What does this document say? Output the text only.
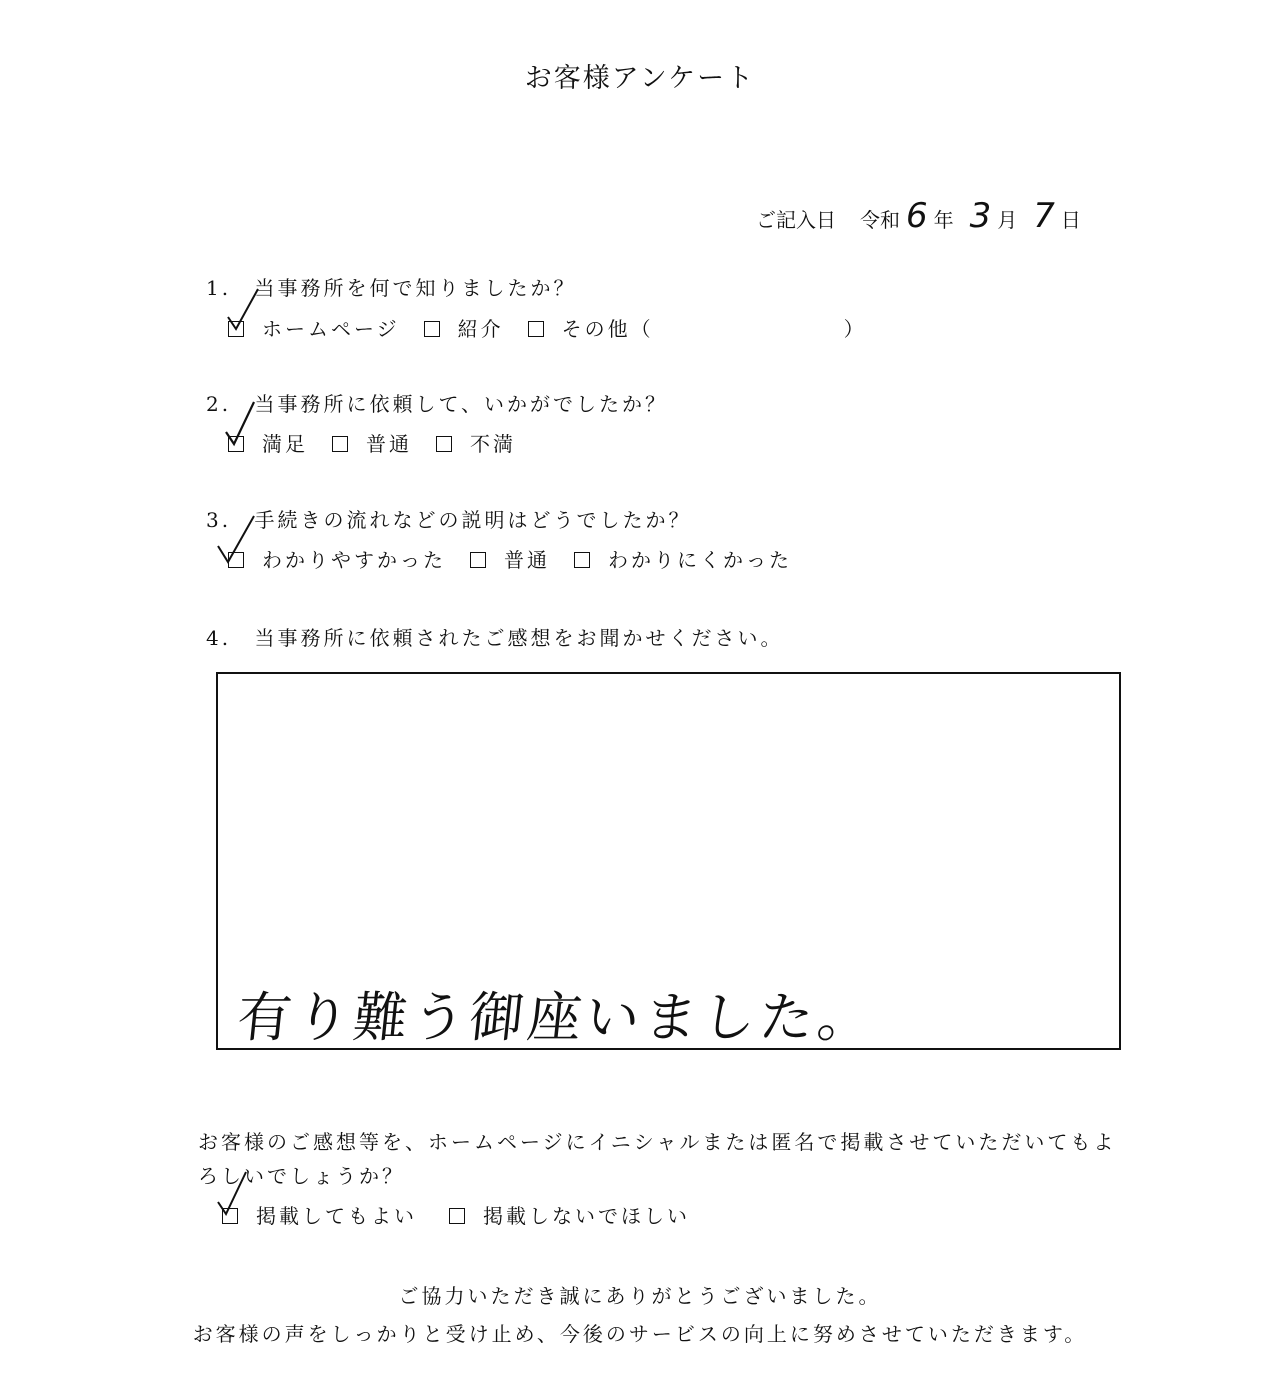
お客様アンケート
ご記入日 令和 6 年 3 月 7 日
1. 当事務所を何で知りましたか？
ホームページ	紹介	その他（	）
2. 当事務所に依頼して、いかがでしたか？
満足	普通	不満
3. 手続きの流れなどの説明はどうでしたか？
わかりやすかった	普通	わかりにくかった
4. 当事務所に依頼されたご感想をお聞かせください。
有り難う御座いました。
お客様のご感想等を、ホームページにイニシャルまたは匿名で掲載させていただいてもよ
ろしいでしょうか？
掲載してもよい	掲載しないでほしい
ご協力いただき誠にありがとうございました。
お客様の声をしっかりと受け止め、今後のサービスの向上に努めさせていただきます。
